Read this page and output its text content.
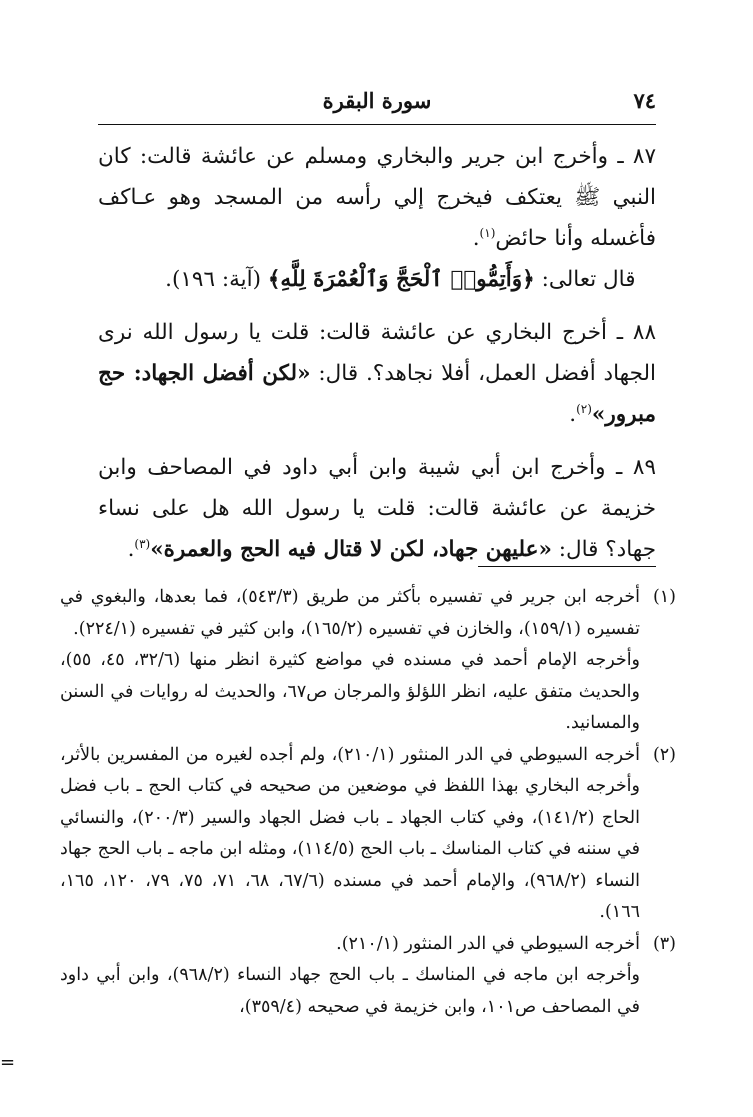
٧٤
سورة البقرة

٨٧ ـ وأخرج ابن جرير والبخاري ومسلم عن عائشة قالت: كان النبي ﷺ يعتكف فيخرج إلي رأسه من المسجد وهو عـاكف فأغسله وأنا حائض$^{(١)}$.

قال تعالى: ﴿وَأَتِمُّوا۟ ٱلْحَجَّ وَٱلْعُمْرَةَ لِلَّهِ﴾ (آية: ١٩٦).

٨٨ ـ أخرج البخاري عن عائشة قالت: قلت يا رسول الله نرى الجهاد أفضل العمل، أفلا نجاهد؟. قال: «لكن أفضل الجهاد: حج مبرور»$^{(٢)}$.

٨٩ ـ وأخرج ابن أبي شيبة وابن أبي داود في المصاحف وابن خزيمة عن عائشة قالت: قلت يا رسول الله هل على نساء جهاد؟ قال: «عليهن جهاد، لكن لا قتال فيه الحج والعمرة»$^{(٣)}$.

(١)

أخرجه ابن جرير في تفسيره بأكثر من طريق (٥٤٣/٣)، فما بعدها، والبغوي في تفسيره (١٥٩/١)، والخازن في تفسيره (١٦٥/٢)، وابن كثير في تفسيره (٢٢٤/١).

وأخرجه الإمام أحمد في مسنده في مواضع كثيرة انظر منها (٣٢/٦، ٤٥، ٥٥)، والحديث متفق عليه، انظر اللؤلؤ والمرجان ص٦٧، والحديث له روايات في السنن والمسانيد.

(٢)

أخرجه السيوطي في الدر المنثور (٢١٠/١)، ولم أجده لغيره من المفسرين بالأثر، وأخرجه البخاري بهذا اللفظ في موضعين من صحيحه في كتاب الحج ـ باب فضل الحاج (١٤١/٢)، وفي كتاب الجهاد ـ باب فضل الجهاد والسير (٢٠٠/٣)، والنسائي في سننه في كتاب المناسك ـ باب الحج (١١٤/٥)، ومثله ابن ماجه ـ باب الحج جهاد النساء (٩٦٨/٢)، والإمام أحمد في مسنده (٦٧/٦، ٦٨، ٧١، ٧٥، ٧٩، ١٢٠، ١٦٥، ١٦٦).

(٣)

أخرجه السيوطي في الدر المنثور (٢١٠/١).

وأخرجه ابن ماجه في المناسك ـ باب الحج جهاد النساء (٩٦٨/٢)، وابن أبي داود في المصاحف ص١٠١، وابن خزيمة في صحيحه (٣٥٩/٤)،

=
